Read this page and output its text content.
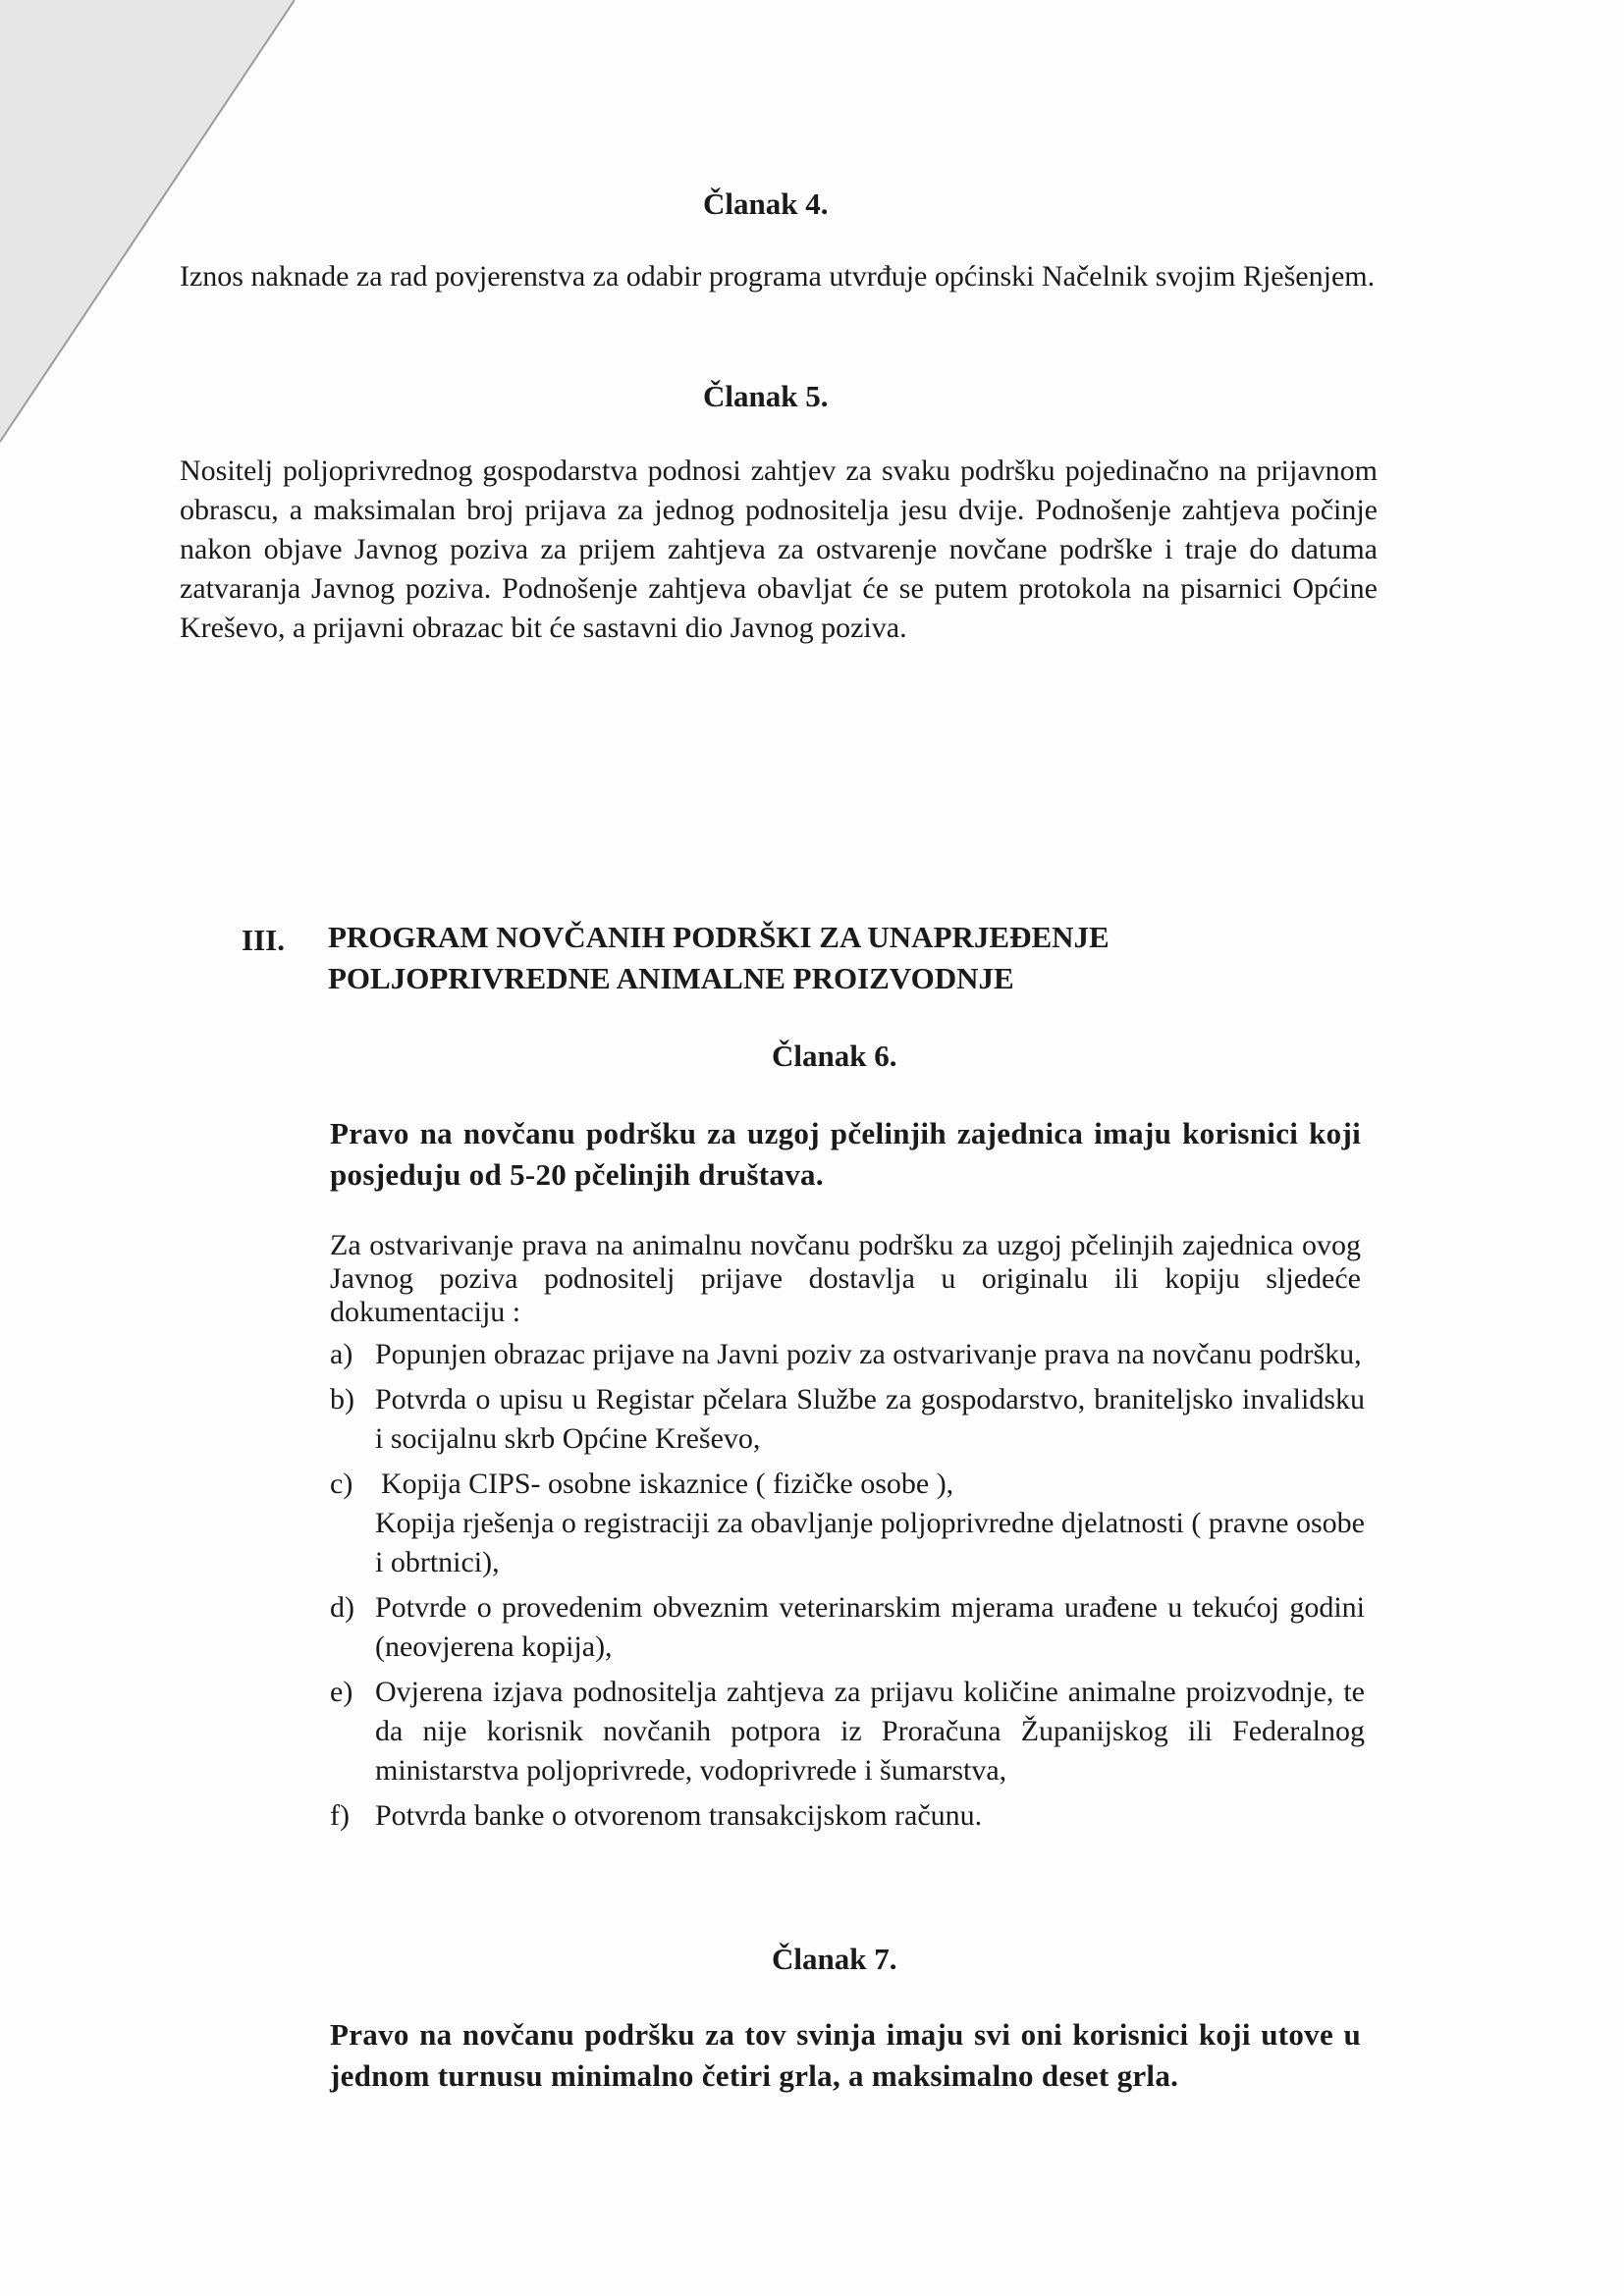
Članak 4.
Iznos naknade za rad povjerenstva za odabir programa utvrđuje općinski Načelnik svojim Rješenjem.
Članak 5.
Nositelj poljoprivrednog gospodarstva podnosi zahtjev za svaku podršku pojedinačno na prijavnom obrascu, a maksimalan broj prijava za jednog podnositelja jesu dvije. Podnošenje zahtjeva počinje nakon objave Javnog poziva za prijem zahtjeva za ostvarenje novčane podrške i traje do datuma zatvaranja Javnog poziva. Podnošenje zahtjeva obavljat će se putem protokola na pisarnici Općine Kreševo, a prijavni obrazac bit će sastavni dio Javnog poziva.
III. PROGRAM NOVČANIH PODRŠKI ZA UNAPRJEĐENJE
POLJOPRIVREDNE ANIMALNE PROIZVODNJE
Članak 6.
Pravo na novčanu podršku za uzgoj pčelinjih zajednica imaju korisnici koji posjeduju od 5-20 pčelinjih društava.
Za ostvarivanje prava na animalnu novčanu podršku za uzgoj pčelinjih zajednica ovog Javnog poziva podnositelj prijave dostavlja u originalu ili kopiju sljedeće dokumentaciju :
a) Popunjen obrazac prijave na Javni poziv za ostvarivanje prava na novčanu podršku,
b) Potvrda o upisu u Registar pčelara Službe za gospodarstvo, braniteljsko invalidsku i socijalnu skrb Općine Kreševo,
c) Kopija CIPS- osobne iskaznice ( fizičke osobe ),
Kopija rješenja o registraciji za obavljanje poljoprivredne djelatnosti ( pravne osobe i obrtnici),
d) Potvrde o provedenim obveznim veterinarskim mjerama urađene u tekućoj godini (neovjerena kopija),
e) Ovjerena izjava podnositelja zahtjeva za prijavu količine animalne proizvodnje, te da nije korisnik novčanih potpora iz Proračuna Županijskog ili Federalnog ministarstva poljoprivrede, vodoprivrede i šumarstva,
f) Potvrda banke o otvorenom transakcijskom računu.
Članak 7.
Pravo na novčanu podršku za tov svinja imaju svi oni korisnici koji utove u jednom turnusu minimalno četiri grla, a maksimalno deset grla.
